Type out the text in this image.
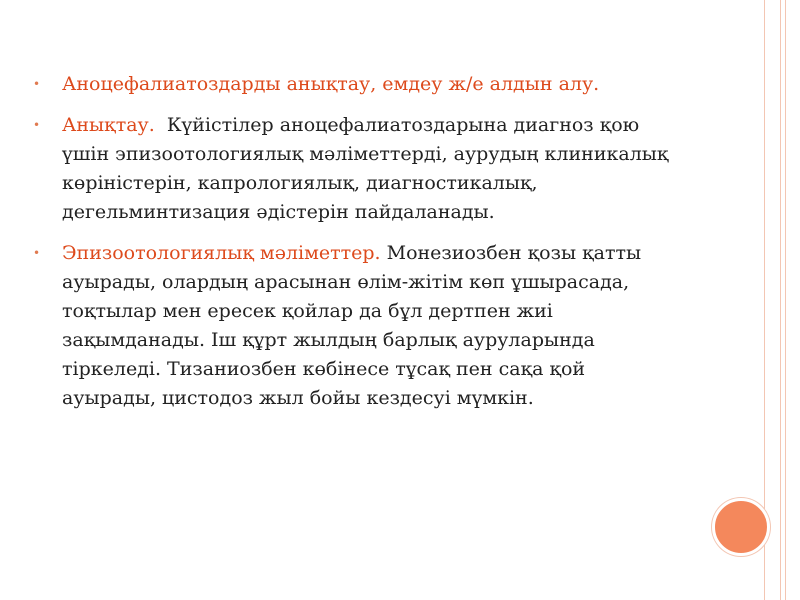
• Аноцефалиатоздарды анықтау, емдеу ж/е алдын алу.
• Анықтау.  Күйістілер аноцефалиатоздарына диагноз қою үшін эпизоотологиялық мәліметтерді, аурудың клиникалық көріністерін, капрологиялық, диагностикалық, дегельминтизация әдістерін пайдаланады.
• Эпизоотологиялық мәліметтер. Монезиозбен қозы қатты ауырады, олардың арасынан өлім-жітім көп ұшырасада, тоқтылар мен ересек қойлар да бұл дертпен жиі зақымданады. Іш құрт жылдың барлық ауруларында тіркеледі. Тизаниозбен көбінесе тұсақ пен сақа қой ауырады, цистодоз жыл бойы кездесуі мүмкін.
